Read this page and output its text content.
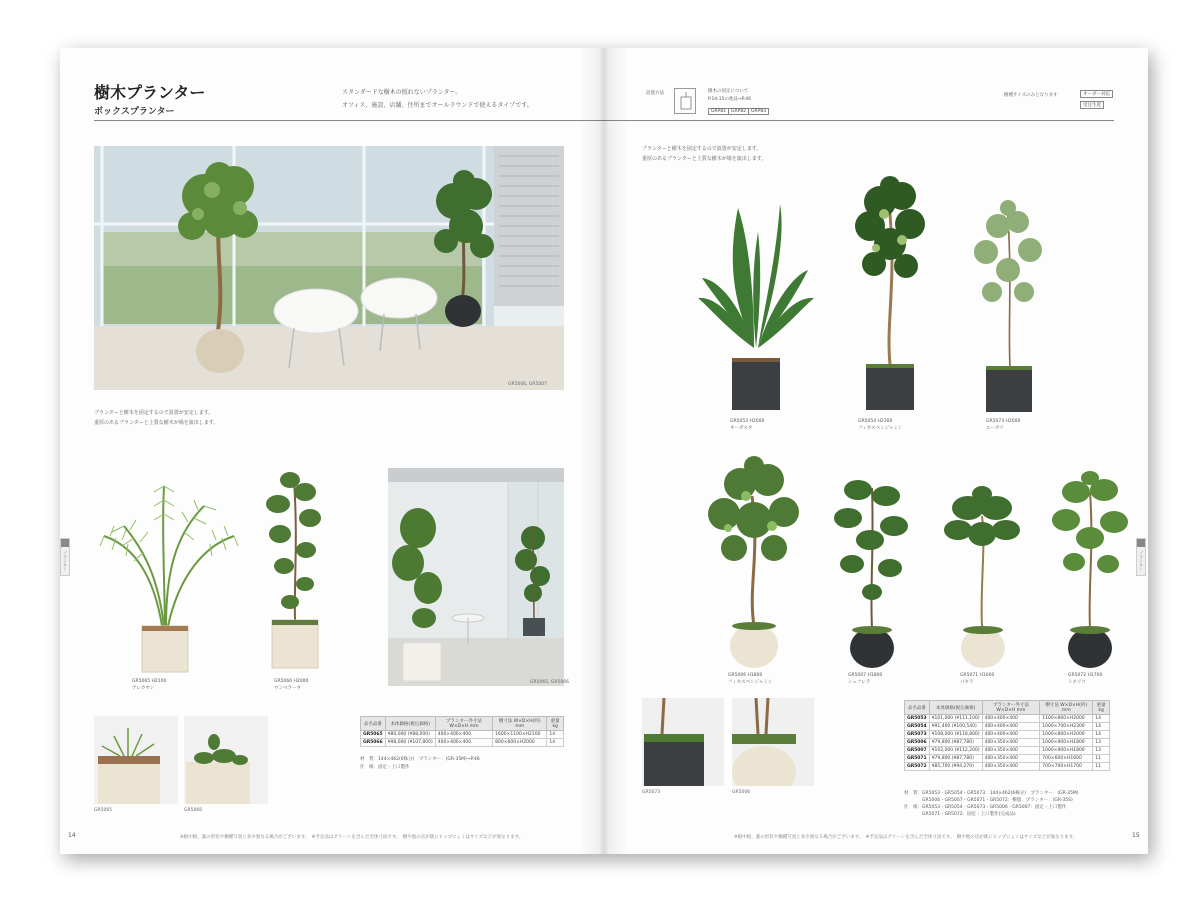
樹木プランター
ボックスプランター
スタンダードな樹木の照れないプランター。
オフィス、施設、店舗、住所までオールラウンドで使えるタイプです。
GR5006, GR5007
プランターと樹木を固定するので設置が安定します。
重厚のあるプランターと上質な樹木が場を演出します。
GR5065 H2100
アレカヤシ
GR5066 H2000
ウンベラータ
GR5065, GR5066
GR5065	GR5066
品名品番	本体価格(税込価格)	プランター外寸法 W×D×H mm	樹寸法 W×D×H(約) mm	重量 kg
GR5065	¥80,000 (¥88,000)	400×400×400	1600×1100×H2100	14
GR5066	¥98,000 (¥107,800)	400×400×400	800×600×H2000	14
材　質：144×462(6株分)　プランター：(GR-35M)→P.46
仕　様：固定・上口製作
14	※植中板、葉の形状や樹種写真と多少異なる場合がございます。　※予定品はグリーンを含んだ全体寸法です。　樹や他の店が既にヒップにょくはサイズなどが異なります。
プランター
設置方法	樹木の固定について
P.14-15の他品→P.46
GRP81	GRP82	GRP83
樹種サイズのみとなります	オーダー対応
受注生産
プランターと樹木を固定するので設置が安定します。
重厚のあるプランターと上質な樹木が場を演出します。
GR5053 H2000
オーガスタ
GR5054 H2300
フィカスベンジャミン
GR5073 H2000
ユーカリ
GR5006 H1800
フィカスベンジャミン
GR5007 H1800
シェフレラ
GR5071 H1600
パキラ
GR5072 H1700
トネリコ
GR5073	GR5006
品名品番	本体価格(税込価格)	プランター外寸法 W×D×H mm	樹寸法 W×D×H(約) mm	重量 kg
GR5053	¥101,000 (¥111,100)	400×400×400	1100×800×H2000	14
GR5054	¥91,400 (¥100,540)	400×400×400	1000×700×H2300	14
GR5073	¥108,000 (¥118,800)	400×400×400	1000×800×H2000	14
GR5006	¥79,800 (¥87,780)	400×350×400	1000×900×H1800	13
GR5007	¥102,000 (¥112,200)	400×350×400	1000×900×H1800	13
GR5071	¥79,800 (¥87,780)	400×350×400	700×600×H1600	11
GR5072	¥85,700 (¥94,270)	400×350×400	700×700×H1700	11
材　質：GR5053・GR5054・GR5073：144×462(6株分)　プランター：(GR-35M)
　　　　GR5006・GR5007・GR5071・GR5072：樹脂　プランター：(GR-35S)
仕　様：GR5053・GR5054・GR5073・GR5006・GR5007：固定・上口製作
　　　　GR5071・GR5072：固定・上口製作(完成品)
※植中板、葉の形状や樹種写真と多少異なる場合がございます。　※予定品はグリーンを含んだ全体寸法です。　樹や他の店が既にヒップにょくはサイズなどが異なります。	15
プランター
